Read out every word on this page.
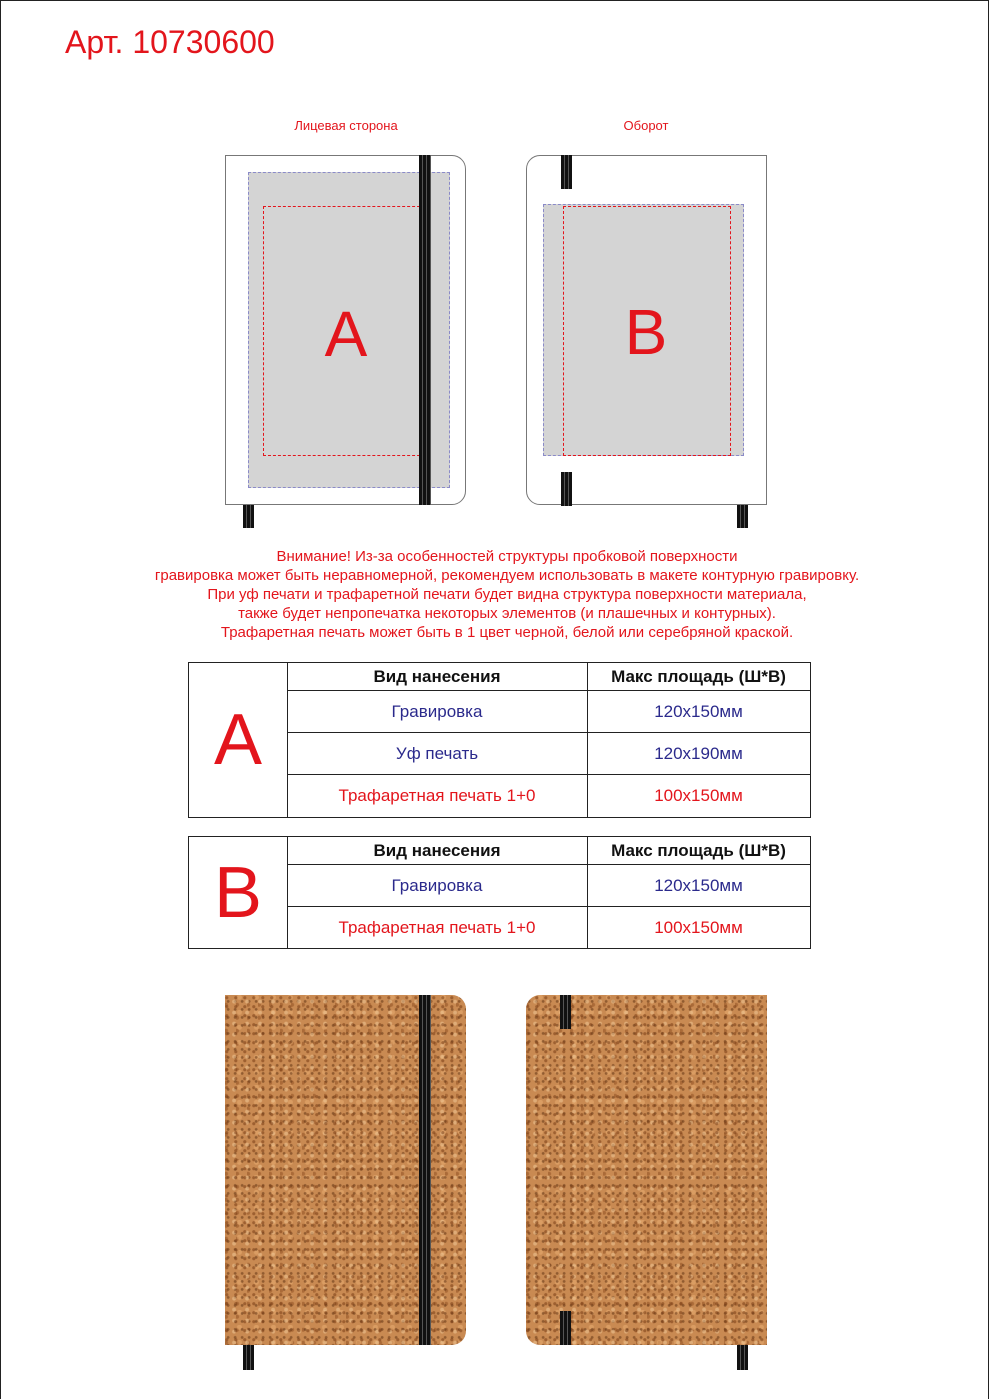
Арт. 10730600
Лицевая сторона	Оборот
A	B
Внимание! Из-за особенностей структуры пробковой поверхности
гравировка может быть неравномерной, рекомендуем использовать в макете контурную гравировку.
При уф печати и трафаретной печати будет видна структура поверхности материала,
также будет непропечатка некоторых элементов (и плашечных и контурных).
Трафаретная печать может быть в 1 цвет черной, белой или серебряной краской.
A
Вид нанесения	Макс площадь (Ш*В)
Гравировка	120х150мм
Уф печать	120х190мм
Трафаретная печать 1+0	100х150мм
B
Вид нанесения	Макс площадь (Ш*В)
Гравировка	120х150мм
Трафаретная печать 1+0	100х150мм
